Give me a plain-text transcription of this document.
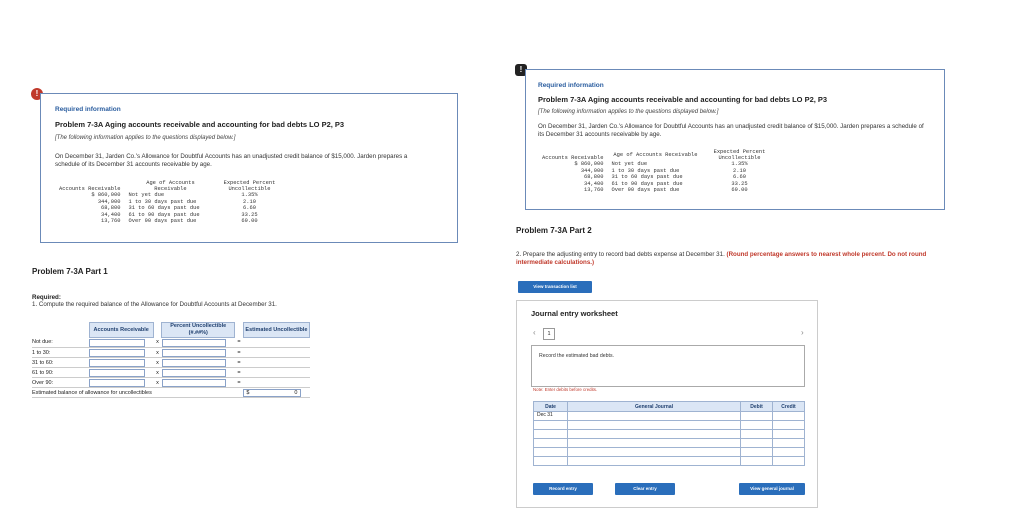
!
Required information
Problem 7-3A Aging accounts receivable and accounting for bad debts LO P2, P3
[The following information applies to the questions displayed below.]
On December 31, Jarden Co.'s Allowance for Doubtful Accounts has an unadjusted credit balance of $15,000. Jarden prepares a schedule of its December 31 accounts receivable by age.
Accounts Receivable	Age of Accounts Receivable	Expected Percent Uncollectible
$ 860,000	Not yet due	1.35%
344,000	1 to 30 days past due	2.10
68,800	31 to 60 days past due	6.60
34,400	61 to 90 days past due	33.25
13,760	Over 90 days past due	69.00
Problem 7-3A Part 1
Required:
1. Compute the required balance of the Allowance for Doubtful Accounts at December 31.
	Accounts Receivable		Percent Uncollectible (#.##%)		Estimated Uncollectible
Not due:		x		=	
1 to 30:		x		=	
31 to 60:		x		=	
61 to 90:		x		=	
Over 90:		x		=	
Estimated balance of allowance for uncollectibles					$ 0
!
Required information
Problem 7-3A Aging accounts receivable and accounting for bad debts LO P2, P3
[The following information applies to the questions displayed below.]
On December 31, Jarden Co.'s Allowance for Doubtful Accounts has an unadjusted credit balance of $15,000. Jarden prepares a schedule of its December 31 accounts receivable by age.
Accounts Receivable	Age of Accounts Receivable	Expected Percent Uncollectible
$ 860,000	Not yet due	1.35%
344,000	1 to 30 days past due	2.10
68,800	31 to 60 days past due	6.60
34,400	61 to 90 days past due	33.25
13,760	Over 90 days past due	69.00
Problem 7-3A Part 2
2. Prepare the adjusting entry to record bad debts expense at December 31. (Round percentage answers to nearest whole percent. Do not round intermediate calculations.)
View transaction list
Journal entry worksheet
‹	1	›
Record the estimated bad debts.
Note: Enter debits before credits.
Date	General Journal	Debit	Credit
Dec 31			

Record entry	Clear entry	View general journal
